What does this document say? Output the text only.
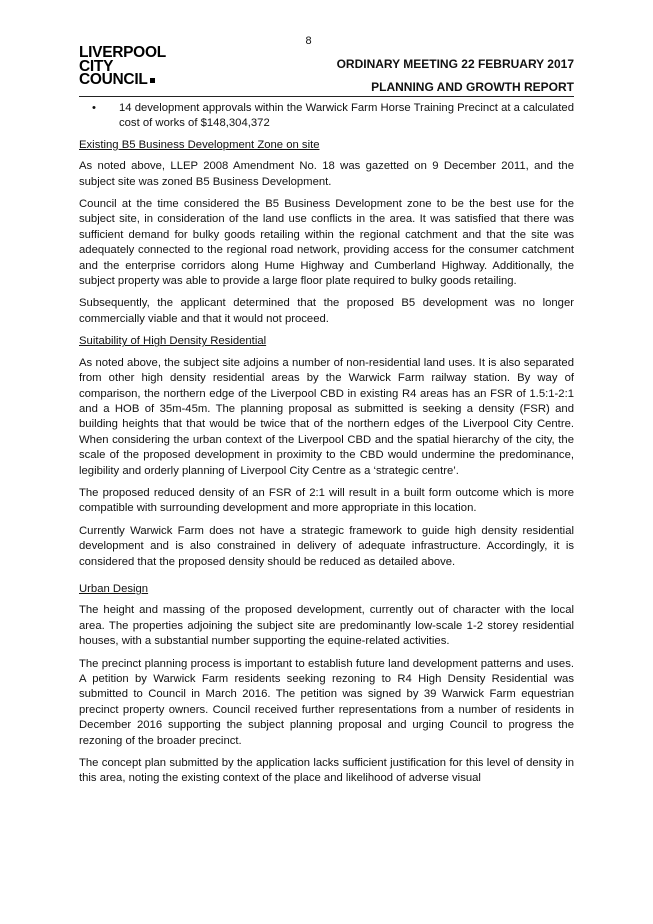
8
LIVERPOOL
CITY
COUNCIL
ORDINARY MEETING 22 FEBRUARY 2017
PLANNING AND GROWTH REPORT
•	14 development approvals within the Warwick Farm Horse Training Precinct at a calculated cost of works of $148,304,372
Existing B5 Business Development Zone on site

As noted above, LLEP 2008 Amendment No. 18 was gazetted on 9 December 2011, and the subject site was zoned B5 Business Development.

Council at the time considered the B5 Business Development zone to be the best use for the subject site, in consideration of the land use conflicts in the area. It was satisfied that there was sufficient demand for bulky goods retailing within the regional catchment and that the site was adequately connected to the regional road network, providing access for the consumer catchment and the enterprise corridors along Hume Highway and Cumberland Highway. Additionally, the subject property was able to provide a large floor plate required to bulky goods retailing.

Subsequently, the applicant determined that the proposed B5 development was no longer commercially viable and that it would not proceed.

Suitability of High Density Residential

As noted above, the subject site adjoins a number of non-residential land uses. It is also separated from other high density residential areas by the Warwick Farm railway station. By way of comparison, the northern edge of the Liverpool CBD in existing R4 areas has an FSR of 1.5:1-2:1 and a HOB of 35m-45m. The planning proposal as submitted is seeking a density (FSR) and building heights that that would be twice that of the northern edges of the Liverpool City Centre. When considering the urban context of the Liverpool CBD and the spatial hierarchy of the city, the scale of the proposed development in proximity to the CBD would undermine the predominance, legibility and orderly planning of Liverpool City Centre as a ‘strategic centre’.

The proposed reduced density of an FSR of 2:1 will result in a built form outcome which is more compatible with surrounding development and more appropriate in this location.

Currently Warwick Farm does not have a strategic framework to guide high density residential development and is also constrained in delivery of adequate infrastructure. Accordingly, it is considered that the proposed density should be reduced as detailed above.

Urban Design

The height and massing of the proposed development, currently out of character with the local area. The properties adjoining the subject site are predominantly low-scale 1-2 storey residential houses, with a substantial number supporting the equine-related activities.

The precinct planning process is important to establish future land development patterns and uses. A petition by Warwick Farm residents seeking rezoning to R4 High Density Residential was submitted to Council in March 2016. The petition was signed by 39 Warwick Farm equestrian precinct property owners. Council received further representations from a number of residents in December 2016 supporting the subject planning proposal and urging Council to progress the rezoning of the broader precinct.

The concept plan submitted by the application lacks sufficient justification for this level of density in this area, noting the existing context of the place and likelihood of adverse visual
